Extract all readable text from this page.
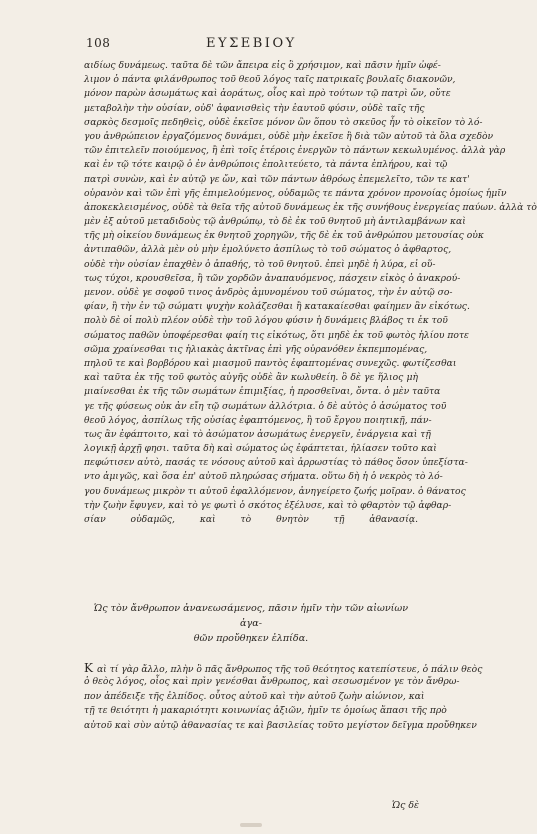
108	ΕΥΣΕΒΙΟΥ
αιδίως δυνάμεως. ταῦτα δὲ τῶν ἄπειρα εἰς ὃ χρήσιμον, καὶ πᾶσιν ἡμῖν ὠφέ-
λιμον ὁ πάντα φιλάνθρωπος τοῦ θεοῦ λόγος ταῖς πατρικαῖς βουλαῖς διακονῶν,
μόνον παρὼν ἀσωμάτως καὶ ἀοράτως, οἷος καὶ πρὸ τούτων τῷ πατρὶ ὤν, οὔτε
μεταβολὴν τὴν οὐσίαν, οὐδ' ἀφανισθεὶς τὴν ἑαυτοῦ φύσιν, οὐδὲ ταῖς τῆς
σαρκὸς δεσμοῖς πεδηθεὶς, οὐδὲ ἐκεῖσε μόνον ὢν ὅπου τὸ σκεῦος ἦν τὸ οἰκεῖον τὸ λό-
γου ἀνθρώπειον ἐργαζόμενος δυνάμει, οὐδὲ μὴν ἐκεῖσε ἢ διὰ τῶν αὐτοῦ τὰ ὅλα σχεδὸν
τῶν ἐπιτελεῖν ποιούμενος, ἢ ἐπὶ τοῖς ἑτέροις ἐνεργῶν τὸ πάντων κεκωλυμένος. ἀλλὰ γὰρ
καὶ ἐν τῷ τότε καιρῷ ὁ ἐν ἀνθρώποις ἐπολιτεύετο, τὰ πάντα ἐπλήρου, καὶ τῷ
πατρὶ συνὼν, καὶ ἐν αὐτῷ γε ὤν, καὶ τῶν πάντων ἀθρόως ἐπεμελεῖτο, τῶν τε κατ'
οὐρανὸν καὶ τῶν ἐπὶ γῆς ἐπιμελούμενος, οὐδαμῶς τε πάντα χρόνον προνοίας ὁμοίως ἡμῖν
ἀποκεκλεισμένος, οὐδὲ τὰ θεῖα τῆς αὐτοῦ δυνάμεως ἐκ τῆς συνήθους ἐνεργείας παύων. ἀλλὰ τὸ
μὲν ἐξ αὐτοῦ μεταδιδοὺς τῷ ἀνθρώπῳ, τὸ δὲ ἐκ τοῦ θνητοῦ μὴ ἀντιλαμβάνων καὶ
τῆς μὴ οἰκείου δυνάμεως ἐκ θνητοῦ χορηγῶν, τῆς δὲ ἐκ τοῦ ἀνθρώπου μετουσίας οὐκ
ἀντιπαθῶν, ἀλλὰ μὲν οὐ μὴν ἐμολύνετο ἀσπίλως τὸ τοῦ σώματος ὁ ἀφθαρτος,
οὐδὲ τὴν οὐσίαν ἐπαχθὲν ὁ ἀπαθής, τὸ τοῦ θνητοῦ. ἐπεὶ μηδὲ ἡ λύρα, εἰ οὕ-
τως τύχοι, κρουσθεῖσα, ἢ τῶν χορδῶν ἀναπαυόμενος, πάσχειν εἰκὸς ὁ ἀνακρού-
μενον. οὐδὲ γε σοφοῦ τινος ἀνδρὸς ἀμυνομένου τοῦ σώματος, τὴν ἐν αὐτῷ σο-
φίαν, ἢ τὴν ἐν τῷ σώματι ψυχὴν κολάζεσθαι ἢ κατακαίεσθαι φαίημεν ἂν εἰκότως.
πολὺ δὲ οἱ πολὺ πλέον οὐδὲ τὴν τοῦ λόγου φύσιν ἡ δυνάμεις βλάβος τι ἐκ τοῦ
σώματος παθῶν ὑποφέρεσθαι φαίη τις εἰκότως, ὅτι μηδὲ ἐκ τοῦ φωτὸς ἡλίου ποτε
σῶμα χραίνεσθαι τις ἡλιακὰς ἀκτῖνας ἐπὶ γῆς οὐρανόθεν ἐκπεμπομένας,
πηλοῦ τε καὶ βορβόρου καὶ μιασμοῦ παντὸς ἐφαπτομένας συνεχῶς. φωτίζεσθαι
καὶ ταῦτα ἐκ τῆς τοῦ φωτὸς αὐγῆς οὐδὲ ἂν κωλυθείη. ὃ δὲ γε ἥλιος μὴ
μιαίνεσθαι ἐκ τῆς τῶν σωμάτων ἐπιμιξίας, ἡ προσθεῖναι, ὄντα. ὁ μὲν ταῦτα
γε τῆς φύσεως οὐκ ἀν εἴη τῷ σωμάτων ἀλλότρια. ὁ δὲ αὐτὸς ὁ ἀσώματος τοῦ
θεοῦ λόγος, ἀσπίλως τῆς οὐσίας ἐφαπτόμενος, ἢ τοῦ ἔργου ποιητικῇ, πάν-
τως ἂν ἐφάπτοιτο, καὶ τὸ ἀσώματον ἀσωμάτως ἐνεργεῖν, ἐνάργεια καὶ τῇ
λογικῇ ἀρχῇ φησι. ταῦτα δὴ καὶ σώματος ὡς ἐφάπτεται, ἠλίασεν τοῦτο καὶ
πεφώτισεν αὐτὸ, πασάς τε νόσους αὐτοῦ καὶ ἀρρωστίας τὸ πάθος ὅσον ὑπεξίστα-
ντο ἀμιγῶς, καὶ ὅσα ἐπ' αὐτοῦ πληρώσας σήματα. οὕτω δὴ ἡ ὁ νεκρὸς τὸ λό-
γου δυνάμεως μικρὸν τι αὐτοῦ ἐφαλλόμενον, ἀνηγείρετο ζωής μοῖραν. ὁ θάνατος
τὴν ζωὴν ἔφυγεν, καὶ τὸ γε φωτὶ ὁ σκότος ἐξέλυσε, καὶ τὸ φθαρτὸν τῷ ἀφθαρ-
σίαν οὐδαμῶς, καὶ τὸ θνητὸν τῇ ἀθανασίᾳ.
Ὡς τὸν ἄνθρωπον ἀνανεωσάμενος, πᾶσιν ἡμῖν τὴν τῶν αἰωνίων ἀγα-
θῶν προὔθηκεν ἐλπίδα.
Κ αὶ τί γὰρ ἄλλο, πλὴν ὃ πᾶς ἄνθρωπος τῆς τοῦ θεότητος κατεπίστευε, ὁ πάλιν θεὸς
ὁ θεὸς λόγος, οἷος καὶ πρὶν γενέσθαι ἄνθρωπος, καὶ σεσωσμένον γε τὸν ἄνθρω-
πον ἀπέδειξε τῆς ἐλπίδος. οὗτος αὐτοῦ καὶ τὴν αὐτοῦ ζωὴν αἰώνιον, καὶ
τῇ τε θειότητι ἡ μακαριότητι κοινωνίας ἀξιῶν, ἡμῖν τε ὁμοίως ἅπασι τῆς πρὸ
αὐτοῦ καὶ σὺν αὐτῷ ἀθανασίας τε καὶ βασιλείας τοῦτο μεγίστον δεῖγμα προὔθηκεν
Ὡς δὲ
